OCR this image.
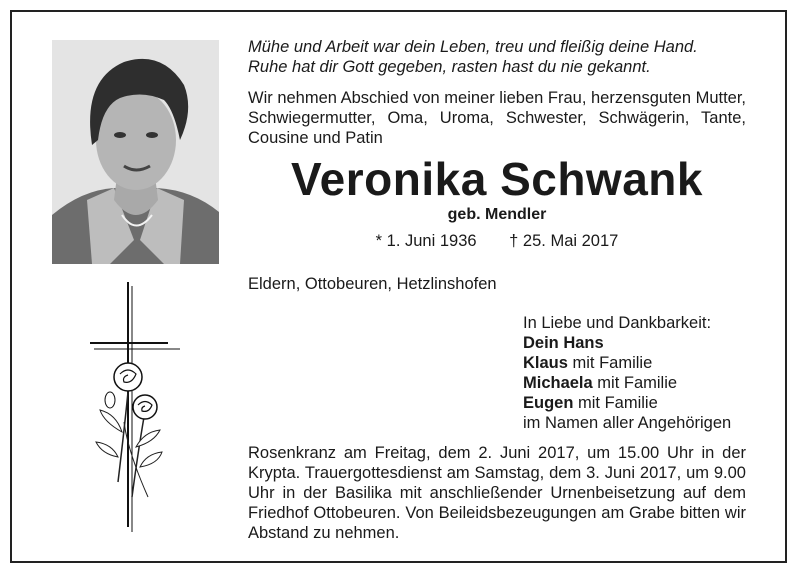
Mühe und Arbeit war dein Leben, treu und fleißig deine Hand.
Ruhe hat dir Gott gegeben, rasten hast du nie gekannt.
Wir nehmen Abschied von meiner lieben Frau, herzensguten Mutter, Schwiegermutter, Oma, Uroma, Schwester, Schwägerin, Tante, Cousine und Patin
Veronika Schwank
geb. Mendler
* 1. Juni 1936 † 25. Mai 2017
Eldern, Ottobeuren, Hetzlinshofen
In Liebe und Dankbarkeit:
Dein Hans
Klaus mit Familie
Michaela mit Familie
Eugen mit Familie
im Namen aller Angehörigen
Rosenkranz am Freitag, dem 2. Juni 2017, um 15.00 Uhr in der Krypta. Trauergottesdienst am Samstag, dem 3. Juni 2017, um 9.00 Uhr in der Basilika mit anschließender Urnenbeisetzung auf dem Friedhof Ottobeuren. Von Beileidsbezeugungen am Grabe bitten wir Abstand zu nehmen.
